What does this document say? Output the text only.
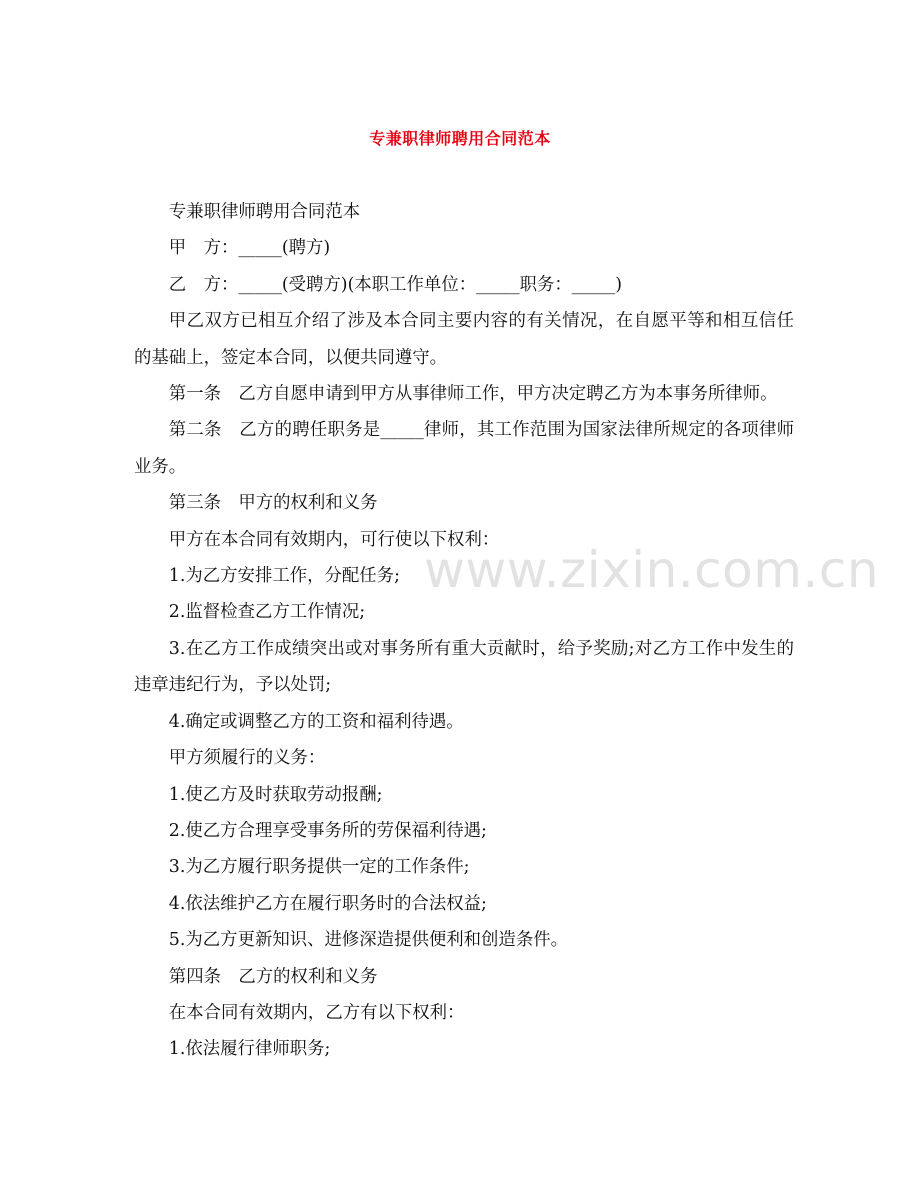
专兼职律师聘用合同范本
www.zixin.com.cn

专兼职律师聘用合同范本

甲　方：_____(聘方)

乙　方：_____(受聘方)(本职工作单位：_____职务：_____)

甲乙双方已相互介绍了涉及本合同主要内容的有关情况，在自愿平等和相互信任的基础上，签定本合同，以便共同遵守。

第一条　乙方自愿申请到甲方从事律师工作，甲方决定聘乙方为本事务所律师。

第二条　乙方的聘任职务是_____律师，其工作范围为国家法律所规定的各项律师业务。

第三条　甲方的权利和义务

甲方在本合同有效期内，可行使以下权利：

1.为乙方安排工作，分配任务;

2.监督检查乙方工作情况;

3.在乙方工作成绩突出或对事务所有重大贡献时，给予奖励;对乙方工作中发生的违章违纪行为，予以处罚;

4.确定或调整乙方的工资和福利待遇。

甲方须履行的义务：

1.使乙方及时获取劳动报酬;

2.使乙方合理享受事务所的劳保福利待遇;

3.为乙方履行职务提供一定的工作条件;

4.依法维护乙方在履行职务时的合法权益;

5.为乙方更新知识、进修深造提供便利和创造条件。

第四条　乙方的权利和义务

在本合同有效期内，乙方有以下权利：

1.依法履行律师职务;
